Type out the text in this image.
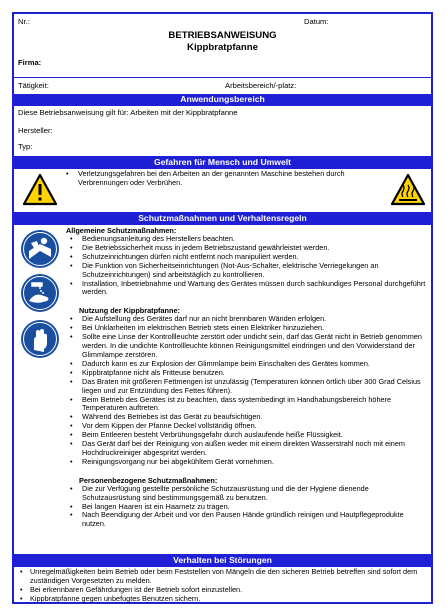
Nr.:	Datum:
BETRIEBSANWEISUNG
Kippbratpfanne
Firma:
Tätigkeit:	Arbeitsbereich/-platz:
Anwendungsbereich
Diese Betriebsanweisung gilt für: Arbeiten mit der Kippbratpfanne
Hersteller:
Typ:
Gefahren für Mensch und Umwelt
• Verletzungsgefahren bei den Arbeiten an der genannten Maschine bestehen durch Verbrennungen oder Verbrühen.
Schutzmaßnahmen und Verhaltensregeln
Allgemeine Schutzmaßnahmen:
• Bedienungsanleitung des Herstellers beachten.
• Die Betriebssicherheit muss in jedem Betriebszustand gewährleistet werden.
• Schutzeinrichtungen dürfen nicht entfernt noch manipuliert werden.
• Die Funktion von Sicherheitseinrichtungen (Not-Aus-Schalter, elektrische Verriegelungen an Schutzeinrichtungen) sind arbeitstäglich zu kontrollieren.
• Installation, Inbetriebnahme und Wartung des Gerätes müssen durch sachkundiges Personal durchgeführt werden.
Nutzung der Kippbratpfanne:
• Die Aufstellung des Gerätes darf nur an nicht brennbaren Wänden erfolgen.
• Bei Unklarheiten im elektrischen Betrieb stets einen Elektriker hinzuziehen.
• Sollte eine Linse der Kontrollleuchte zerstört oder undicht sein, darf das Gerät nicht in Betrieb genommen werden. In die undichte Kontrollleuchte können Reinigungsmittel eindringen und den Vorwiderstand der Glimmlampe zerstören.
• Dadurch kann es zur Explosion der Glimmlampe beim Einschalten des Gerätes kommen.
• Kippbratpfanne nicht als Fritteuse benutzen.
• Das Braten mit größeren Fettmengen ist unzulässig (Temperaturen können örtlich über 300 Grad Celsius liegen und zur Entzündung des Fettes führen).
• Beim Betrieb des Gerätes ist zu beachten, dass systembedingt im Handhabungsbereich höhere Temperaturen auftreten.
• Während des Betriebes ist das Gerät zu beaufsichtigen.
• Vor dem Kippen der Pfanne Deckel vollständig öffnen.
• Beim Entleeren besteht Verbrühungsgefahr durch auslaufende heiße Flüssigkeit.
• Das Gerät darf bei der Reinigung von außen weder mit einem direkten Wasserstrahl noch mit einem Hochdruckreiniger abgespritzt werden.
• Reinigungsvorgang nur bei abgekühltem Gerät vornehmen.
Personenbezogene Schutzmaßnahmen:
• Die zur Verfügung gestellte persönliche Schutzausrüstung und die der Hygiene dienende Schutzausrüstung sind bestimmungsgemäß zu benutzen.
• Bei langen Haaren ist ein Haarnetz zu tragen.
• Nach Beendigung der Arbeit und vor den Pausen Hände gründlich reinigen und Hautpflegeprodukte nutzen.
Verhalten bei Störungen
• Unregelmäßigkeiten beim Betrieb oder beim Feststellen von Mängeln die den sicheren Betrieb betreffen sind sofort dem zuständigen Vorgesetzten zu melden.
• Bei erkennbaren Gefährdungen ist der Betrieb sofort einzustellen.
• Kippbratpfanne gegen unbefugtes Benutzen sichern.
